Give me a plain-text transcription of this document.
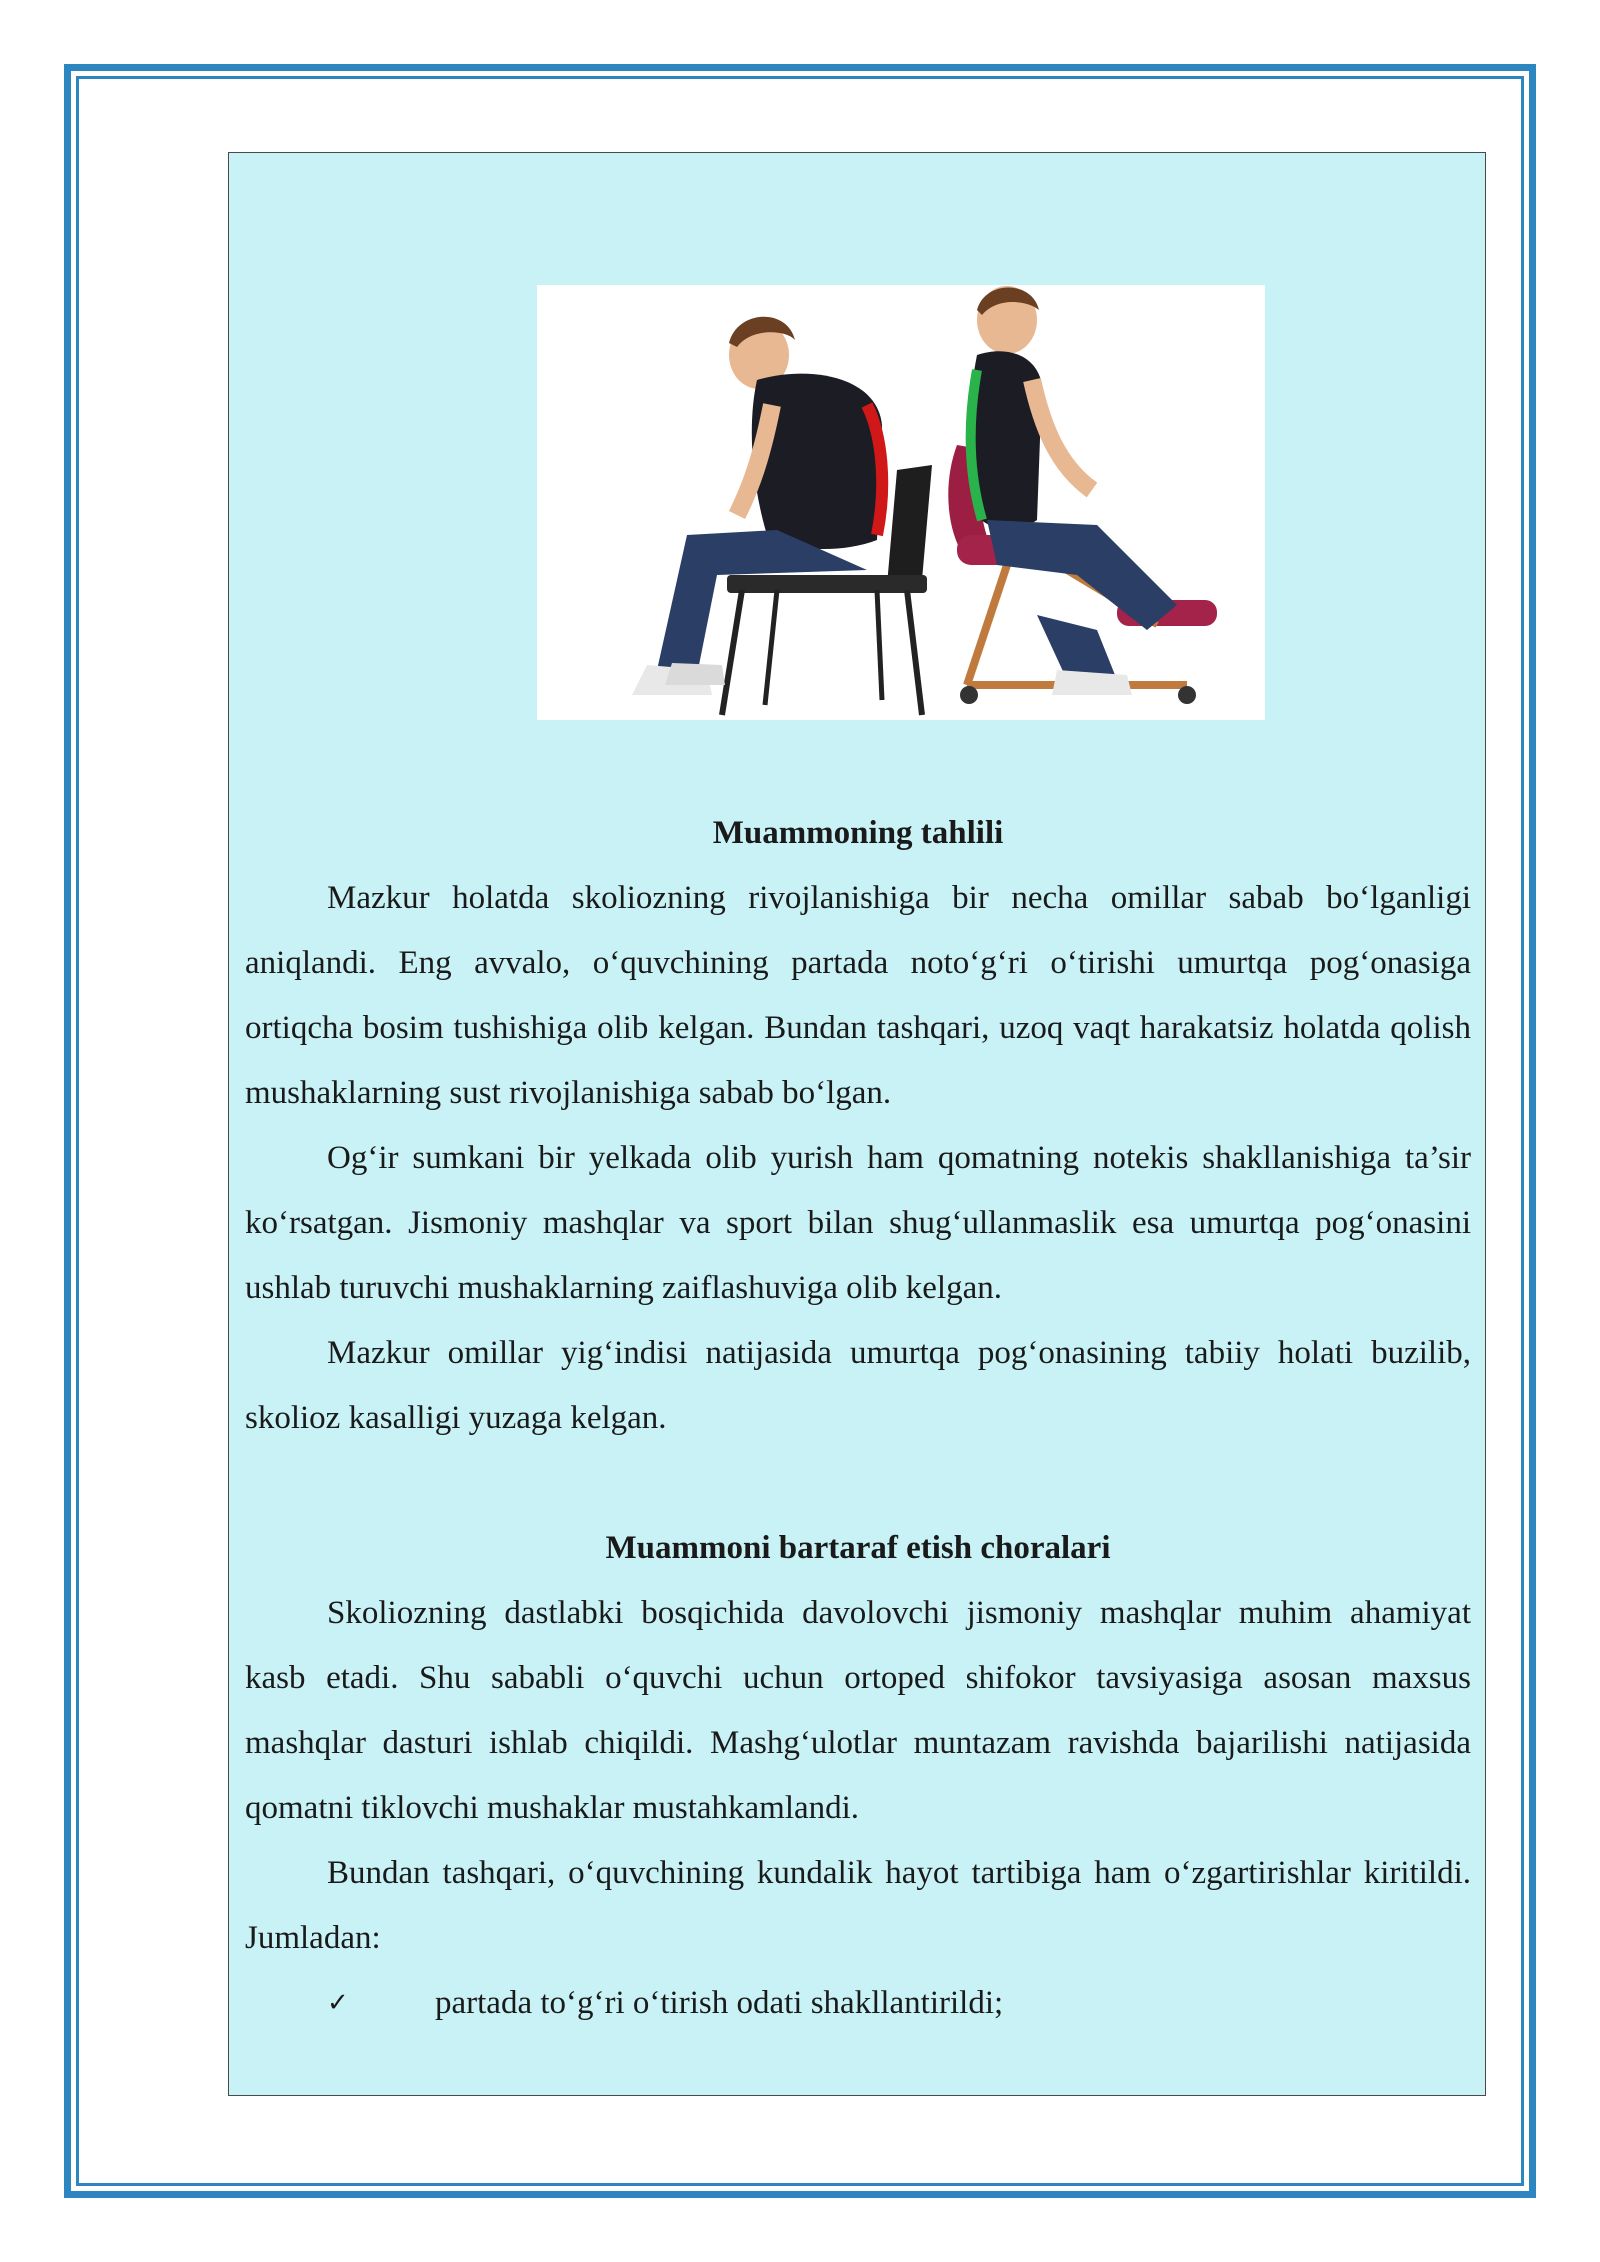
Muammoning tahlili

Mazkur holatda skoliozning rivojlanishiga bir necha omillar sabab bo‘lganligi aniqlandi. Eng avvalo, o‘quvchining partada noto‘g‘ri o‘tirishi umurtqa pog‘onasiga ortiqcha bosim tushishiga olib kelgan. Bundan tashqari, uzoq vaqt harakatsiz holatda qolish mushaklarning sust rivojlanishiga sabab bo‘lgan.

Og‘ir sumkani bir yelkada olib yurish ham qomatning notekis shakllanishiga ta’sir ko‘rsatgan. Jismoniy mashqlar va sport bilan shug‘ullanmaslik esa umurtqa pog‘onasini ushlab turuvchi mushaklarning zaiflashuviga olib kelgan.

Mazkur omillar yig‘indisi natijasida umurtqa pog‘onasining tabiiy holati buzilib, skolioz kasalligi yuzaga kelgan.

Muammoni bartaraf etish choralari

Skoliozning dastlabki bosqichida davolovchi jismoniy mashqlar muhim ahamiyat kasb etadi. Shu sababli o‘quvchi uchun ortoped shifokor tavsiyasiga asosan maxsus mashqlar dasturi ishlab chiqildi. Mashg‘ulotlar muntazam ravishda bajarilishi natijasida qomatni tiklovchi mushaklar mustahkamlandi.

Bundan tashqari, o‘quvchining kundalik hayot tartibiga ham o‘zgartirishlar kiritildi. Jumladan:

✓	partada to‘g‘ri o‘tirish odati shakllantirildi;
